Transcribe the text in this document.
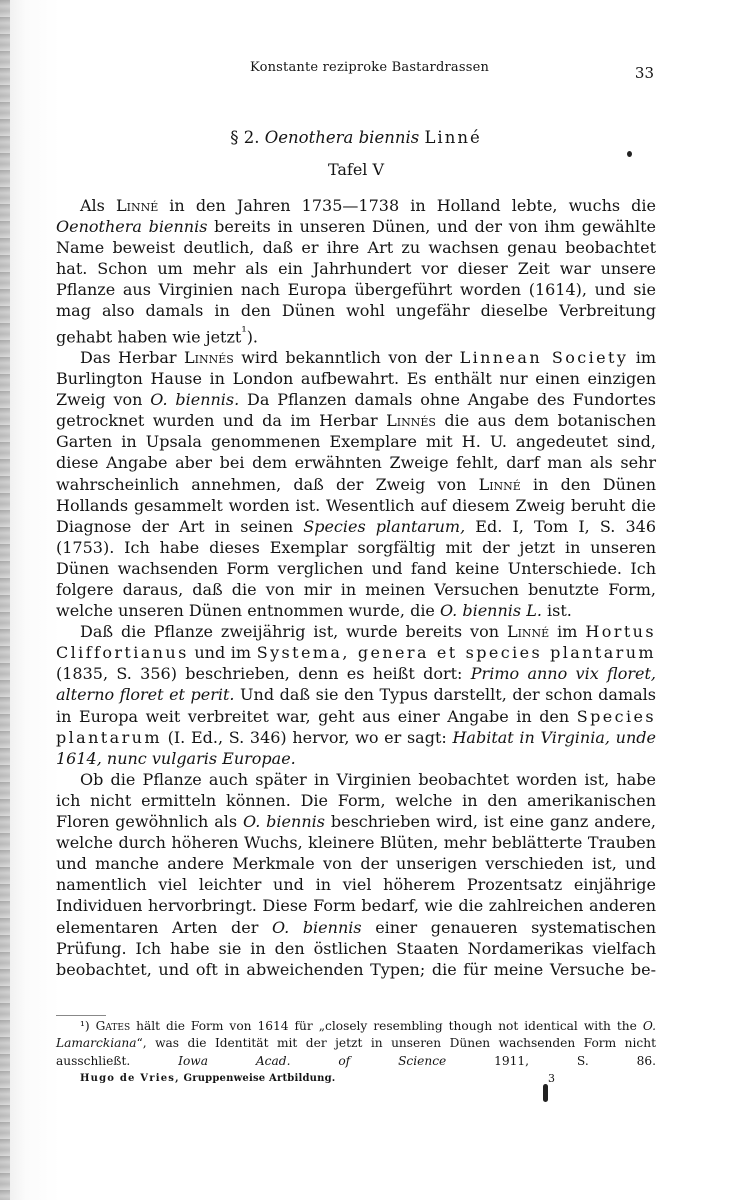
Konstante reziproke Bastardrassen	33
§ 2. Oenothera biennis Linné
Tafel V

Als Linné in den Jahren 1735—1738 in Holland lebte, wuchs die Oenothera biennis bereits in unseren Dünen, und der von ihm gewählte Name beweist deutlich, daß er ihre Art zu wachsen genau beobachtet hat. Schon um mehr als ein Jahrhundert vor dieser Zeit war unsere Pflanze aus Virginien nach Europa übergeführt worden (1614), und sie mag also damals in den Dünen wohl ungefähr dieselbe Verbreitung gehabt haben wie jetzt$^{^1}$).

Das Herbar Linnés wird bekanntlich von der Linnean Society im Burlington Hause in London aufbewahrt. Es enthält nur einen einzigen Zweig von O. biennis. Da Pflanzen damals ohne Angabe des Fundortes getrocknet wurden und da im Herbar Linnés die aus dem botanischen Garten in Upsala genommenen Exemplare mit H. U. angedeutet sind, diese Angabe aber bei dem erwähnten Zweige fehlt, darf man als sehr wahrscheinlich annehmen, daß der Zweig von Linné in den Dünen Hollands gesammelt worden ist. Wesentlich auf diesem Zweig beruht die Diagnose der Art in seinen Species plantarum, Ed. I, Tom I, S. 346 (1753). Ich habe dieses Exemplar sorgfältig mit der jetzt in unseren Dünen wachsenden Form verglichen und fand keine Unterschiede. Ich folgere daraus, daß die von mir in meinen Versuchen benutzte Form, welche unseren Dünen entnommen wurde, die O. biennis L. ist.

Daß die Pflanze zweijährig ist, wurde bereits von Linné im Hortus Cliffortianus und im Systema, genera et species plantarum (1835, S. 356) beschrieben, denn es heißt dort: Primo anno vix floret, alterno floret et perit. Und daß sie den Typus darstellt, der schon damals in Europa weit verbreitet war, geht aus einer Angabe in den Species plantarum (I. Ed., S. 346) hervor, wo er sagt: Habitat in Virginia, unde 1614, nunc vulgaris Europae.

Ob die Pflanze auch später in Virginien beobachtet worden ist, habe ich nicht ermitteln können. Die Form, welche in den amerikanischen Floren gewöhnlich als O. biennis beschrieben wird, ist eine ganz andere, welche durch höheren Wuchs, kleinere Blüten, mehr beblätterte Trauben und manche andere Merkmale von der unserigen verschieden ist, und namentlich viel leichter und in viel höherem Prozentsatz einjährige Individuen hervorbringt. Diese Form bedarf, wie die zahlreichen anderen elementaren Arten der O. biennis einer genaueren systematischen Prüfung. Ich habe sie in den östlichen Staaten Nordamerikas vielfach beobachtet, und oft in abweichenden Typen; die für meine Versuche be-

¹) Gates hält die Form von 1614 für „closely resembling though not identical with the O. Lamarckiana“, was die Identität mit der jetzt in unseren Dünen wachsenden Form nicht ausschließt. Iowa Acad. of Science 1911, S. 86.
Hugo de Vries, Gruppenweise Artbildung.	3
